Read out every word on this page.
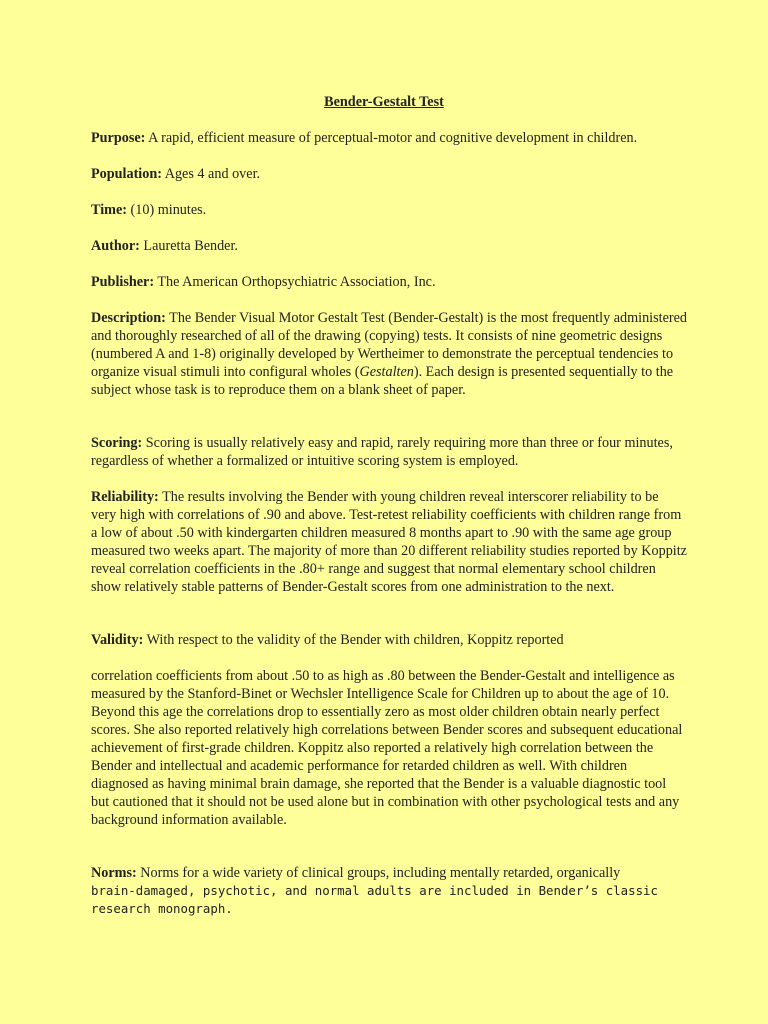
Bender-Gestalt Test

Purpose: A rapid, efficient measure of perceptual-motor and cognitive development in children.

Population: Ages 4 and over.

Time: (10) minutes.

Author: Lauretta Bender.

Publisher: The American Orthopsychiatric Association, Inc.

Description: The Bender Visual Motor Gestalt Test (Bender-Gestalt) is the most frequently administered and thoroughly researched of all of the drawing (copying) tests. It consists of nine geometric designs (numbered A and 1-8) originally developed by Wertheimer to demonstrate the perceptual tendencies to organize visual stimuli into configural wholes (Gestalten). Each design is presented sequentially to the subject whose task is to reproduce them on a blank sheet of paper.

Scoring: Scoring is usually relatively easy and rapid, rarely requiring more than three or four minutes, regardless of whether a formalized or intuitive scoring system is employed.

Reliability: The results involving the Bender with young children reveal interscorer reliability to be very high with correlations of .90 and above. Test-retest reliability coefficients with children range from a low of about .50 with kindergarten children measured 8 months apart to .90 with the same age group measured two weeks apart. The majority of more than 20 different reliability studies reported by Koppitz reveal correlation coefficients in the .80+ range and suggest that normal elementary school children show relatively stable patterns of Bender-Gestalt scores from one administration to the next.

Validity: With respect to the validity of the Bender with children, Koppitz reported

correlation coefficients from about .50 to as high as .80 between the Bender-Gestalt and intelligence as measured by the Stanford-Binet or Wechsler Intelligence Scale for Children up to about the age of 10. Beyond this age the correlations drop to essentially zero as most older children obtain nearly perfect scores. She also reported relatively high correlations between Bender scores and subsequent educational achievement of first-grade children. Koppitz also reported a relatively high correlation between the Bender and intellectual and academic performance for retarded children as well. With children diagnosed as having minimal brain damage, she reported that the Bender is a valuable diagnostic tool but cautioned that it should not be used alone but in combination with other psychological tests and any background information available.

Norms: Norms for a wide variety of clinical groups, including mentally retarded, organically
brain-damaged, psychotic, and normal adults are included in Bender’s classic research monograph.
